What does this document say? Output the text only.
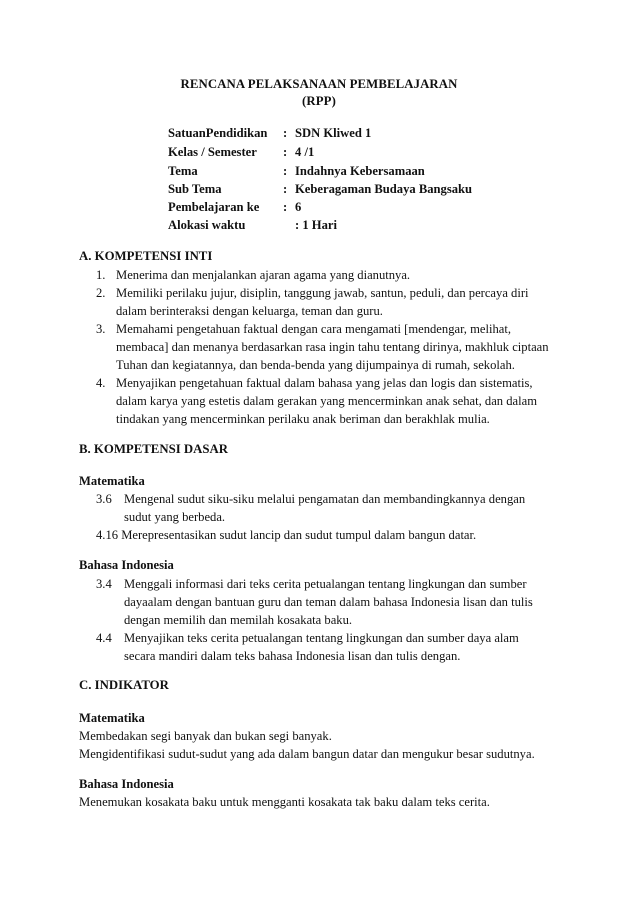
RENCANA PELAKSANAAN PEMBELAJARAN
(RPP)
SatuanPendidikan : SDN Kliwed 1
Kelas / Semester : 4 /1
Tema	: Indahnya Kebersamaan
Sub Tema	: Keberagaman Budaya Bangsaku
Pembelajaran ke : 6
Alokasi waktu	: 1 Hari
A. KOMPETENSI INTI
1. Menerima dan menjalankan ajaran agama yang dianutnya.
2. Memiliki perilaku jujur, disiplin, tanggung jawab, santun, peduli, dan percaya diri
dalam berinteraksi dengan keluarga, teman dan guru.
3. Memahami pengetahuan faktual dengan cara mengamati [mendengar, melihat,
membaca] dan menanya berdasarkan rasa ingin tahu tentang dirinya, makhluk ciptaan
Tuhan dan kegiatannya, dan benda-benda yang dijumpainya di rumah, sekolah.
4. Menyajikan pengetahuan faktual dalam bahasa yang jelas dan logis dan sistematis,
dalam karya yang estetis dalam gerakan yang mencerminkan anak sehat, dan dalam
tindakan yang mencerminkan perilaku anak beriman dan berakhlak mulia.
B. KOMPETENSI DASAR
Matematika
3.6 Mengenal sudut siku-siku melalui pengamatan dan membandingkannya dengan
sudut yang berbeda.
4.16 Merepresentasikan sudut lancip dan sudut tumpul dalam bangun datar.
Bahasa Indonesia
3.4 Menggali informasi dari teks cerita petualangan tentang lingkungan dan sumber
dayaalam dengan bantuan guru dan teman dalam bahasa Indonesia lisan dan tulis
dengan memilih dan memilah kosakata baku.
4.4 Menyajikan teks cerita petualangan tentang lingkungan dan sumber daya alam
secara mandiri dalam teks bahasa Indonesia lisan dan tulis dengan.
C. INDIKATOR
Matematika
Membedakan segi banyak dan bukan segi banyak.
Mengidentifikasi sudut-sudut yang ada dalam bangun datar dan mengukur besar sudutnya.
Bahasa Indonesia
Menemukan kosakata baku untuk mengganti kosakata tak baku dalam teks cerita.
